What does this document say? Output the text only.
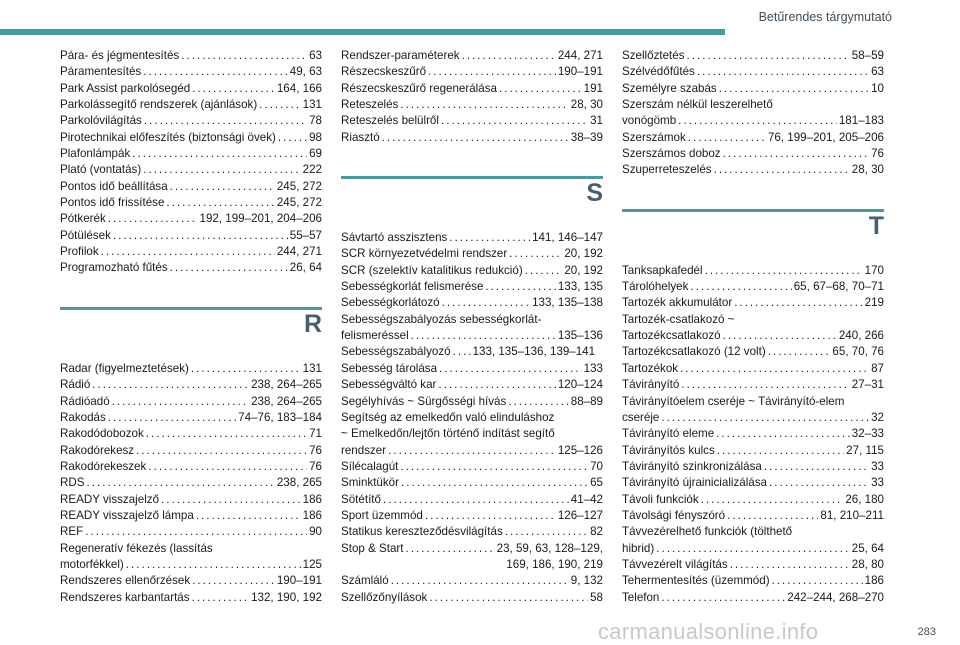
Betűrendes tárgymutató
Pára- és jégmentesítés . . .	63
Páramentesítés . . .	49, 63
Park Assist parkolósegéd . . .	164, 166
Parkolássegítő rendszerek (ajánlások) . . .	131
Parkolóvilágítás . . .	78
Pirotechnikai előfeszítés (biztonsági övek) . . .	98
Plafonlámpák . . .	69
Plató (vontatás) . . .	222
Pontos idő beállítása . . .	245, 272
Pontos idő frissítése . . .	245, 272
Pótkerék . . .	192, 199–201, 204–206
Pótülések . . .	55–57
Profilok . . .	244, 271
Programozható fűtés . . .	26, 64
R
Radar (figyelmeztetések) . . .	131
Rádió . . .	238, 264–265
Rádióadó . . .	238, 264–265
Rakodás . . .	74–76, 183–184
Rakodódobozok . . .	71
Rakodórekesz . . .	76
Rakodórekeszek . . .	76
RDS . . .	238, 265
READY visszajelző . . .	186
READY visszajelző lámpa . . .	186
REF . . .	90
Regeneratív fékezés (lassítás
motorfékkel) . . .	125
Rendszeres ellenőrzések . . .	190–191
Rendszeres karbantartás . . .	132, 190, 192
Rendszer-paraméterek . . .	244, 271
Részecskeszűrő . . .	190–191
Részecskeszűrő regenerálása . . .	191
Reteszelés . . .	28, 30
Reteszelés belülről . . .	31
Riasztó . . .	38–39
S
Sávtartó asszisztens . . .	141, 146–147
SCR környezetvédelmi rendszer . . .	20, 192
SCR (szelektív katalitikus redukció) . . .	20, 192
Sebességkorlát felismerése . . .	133, 135
Sebességkorlátozó . . .	133, 135–138
Sebességszabályozás sebességkorlát-
felismeréssel . . .	135–136
Sebességszabályozó . . . 133, 135–136, 139–141
Sebesség tárolása . . .	133
Sebességváltó kar . . .	120–124
Segélyhívás ~ Sürgősségi hívás . . .	88–89
Segítség az emelkedőn való elinduláshoz
~ Emelkedőn/lejtőn történő indítást segítő
rendszer . . .	125–126
Sílécalagút . . .	70
Sminktükör . . .	65
Sötétítő . . .	41–42
Sport üzemmód . . .	126–127
Statikus kereszteződésvilágítás . . .	82
Stop & Start . . .	23, 59, 63, 128–129,
169, 186, 190, 219
Számláló . . .	9, 132
Szellőzőnyílások . . .	58
Szellőztetés . . .	58–59
Szélvédőfűtés . . .	63
Személyre szabás . . .	10
Szerszám nélkül leszerelhető
vonógömb . . .	181–183
Szerszámok . . .	76, 199–201, 205–206
Szerszámos doboz . . .	76
Szuperreteszelés . . .	28, 30
T
Tanksapkafedél . . .	170
Tárolóhelyek . . .	65, 67–68, 70–71
Tartozék akkumulátor . . .	219
Tartozék-csatlakozó ~
Tartozékcsatlakozó . . .	240, 266
Tartozékcsatlakozó (12 volt) . . .	65, 70, 76
Tartozékok . . .	87
Távirányító . . .	27–31
Távirányítóelem cseréje ~ Távirányító-elem
cseréje . . .	32
Távirányító eleme . . .	32–33
Távirányítós kulcs . . .	27, 115
Távirányító szinkronizálása . . .	33
Távirányító újrainicializálása . . .	33
Távoli funkciók . . .	26, 180
Távolsági fényszóró . . .	81, 210–211
Távvezérelhető funkciók (tölthető
hibrid) . . .	25, 64
Távvezérelt világítás . . .	28, 80
Tehermentesítés (üzemmód) . . .	186
Telefon . . .	242–244, 268–270
carmanualsonline.info	283
